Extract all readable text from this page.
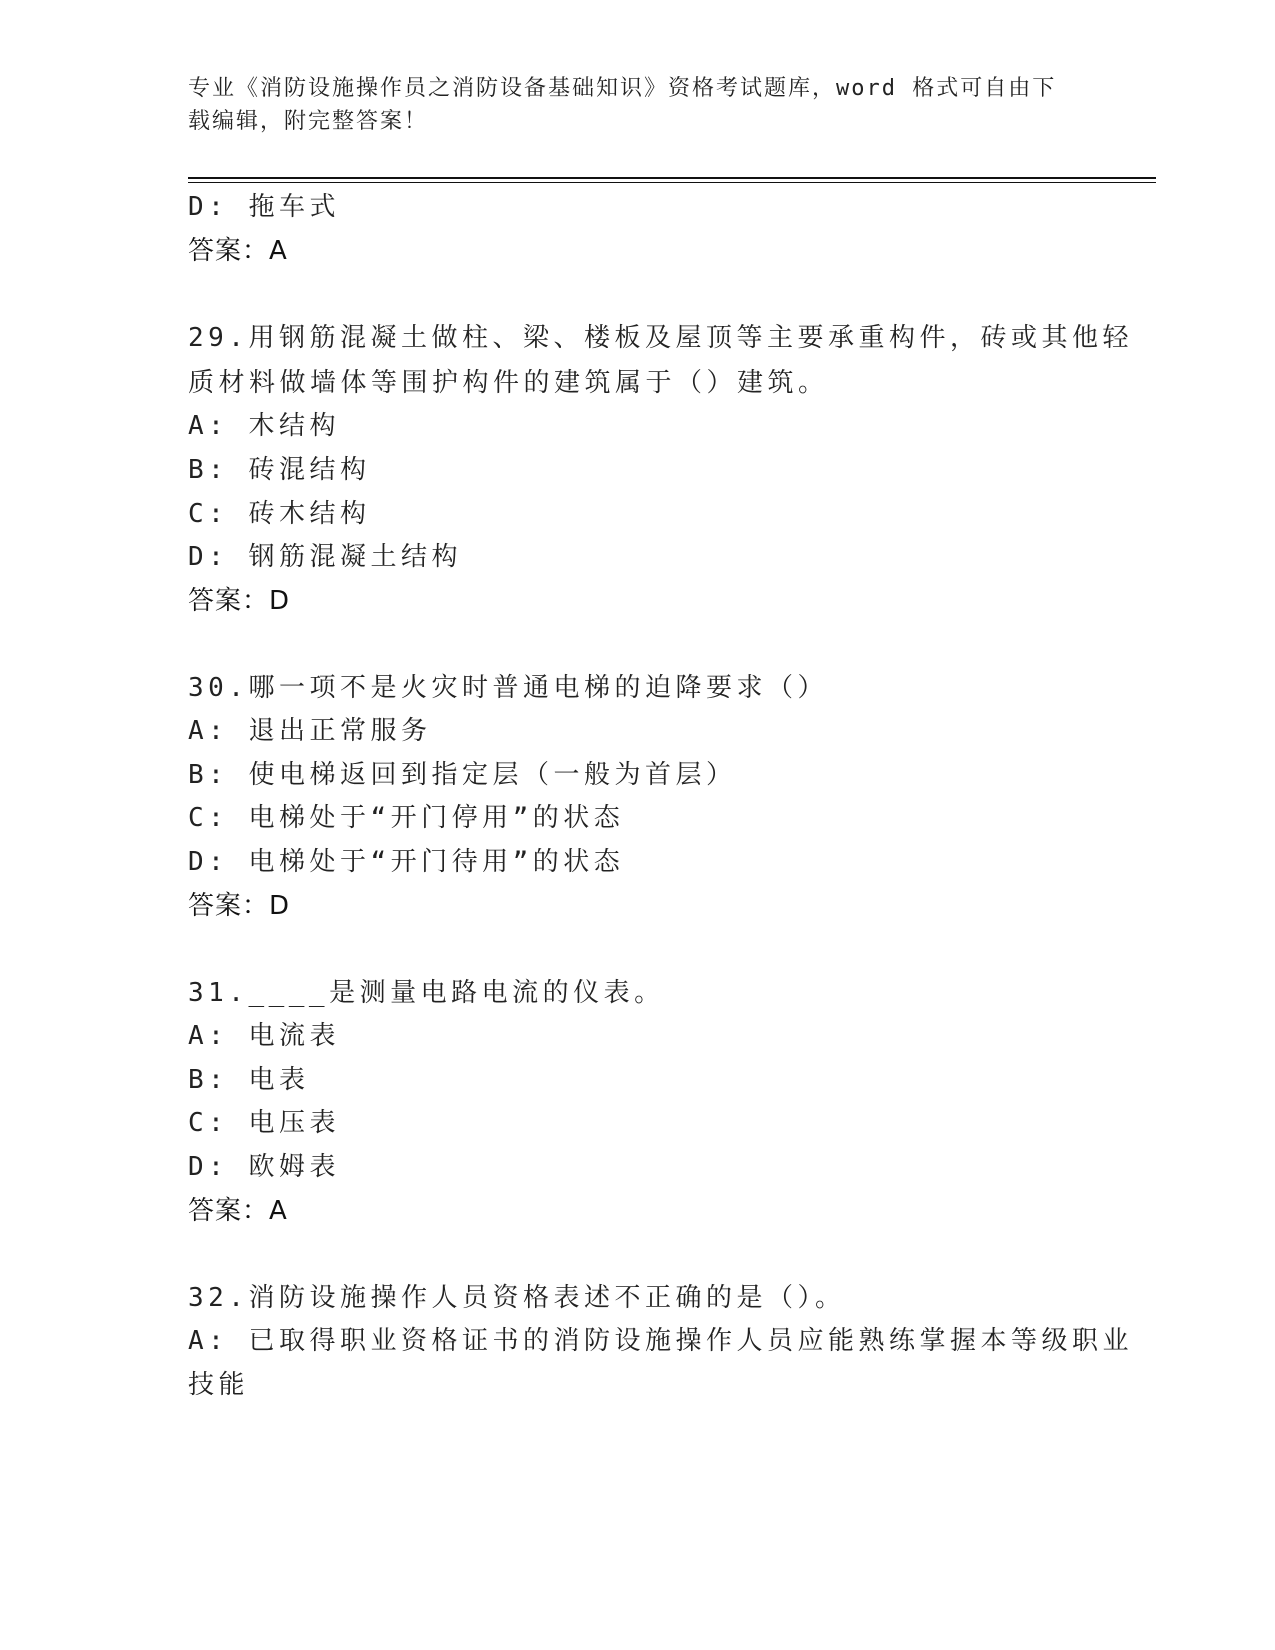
专业《消防设施操作员之消防设备基础知识》资格考试题库，word 格式可自由下
载编辑，附完整答案！
D: 拖车式
答案：A
29.用钢筋混凝土做柱、梁、楼板及屋顶等主要承重构件，砖或其他轻
质材料做墙体等围护构件的建筑属于（）建筑。
A: 木结构
B: 砖混结构
C: 砖木结构
D: 钢筋混凝土结构
答案：D
30.哪一项不是火灾时普通电梯的迫降要求（）
A: 退出正常服务
B: 使电梯返回到指定层（一般为首层）
C: 电梯处于“开门停用”的状态
D: 电梯处于“开门待用”的状态
答案：D
31.____是测量电路电流的仪表。
A: 电流表
B: 电表
C: 电压表
D: 欧姆表
答案：A
32.消防设施操作人员资格表述不正确的是（）。
A: 已取得职业资格证书的消防设施操作人员应能熟练掌握本等级职业
技能
